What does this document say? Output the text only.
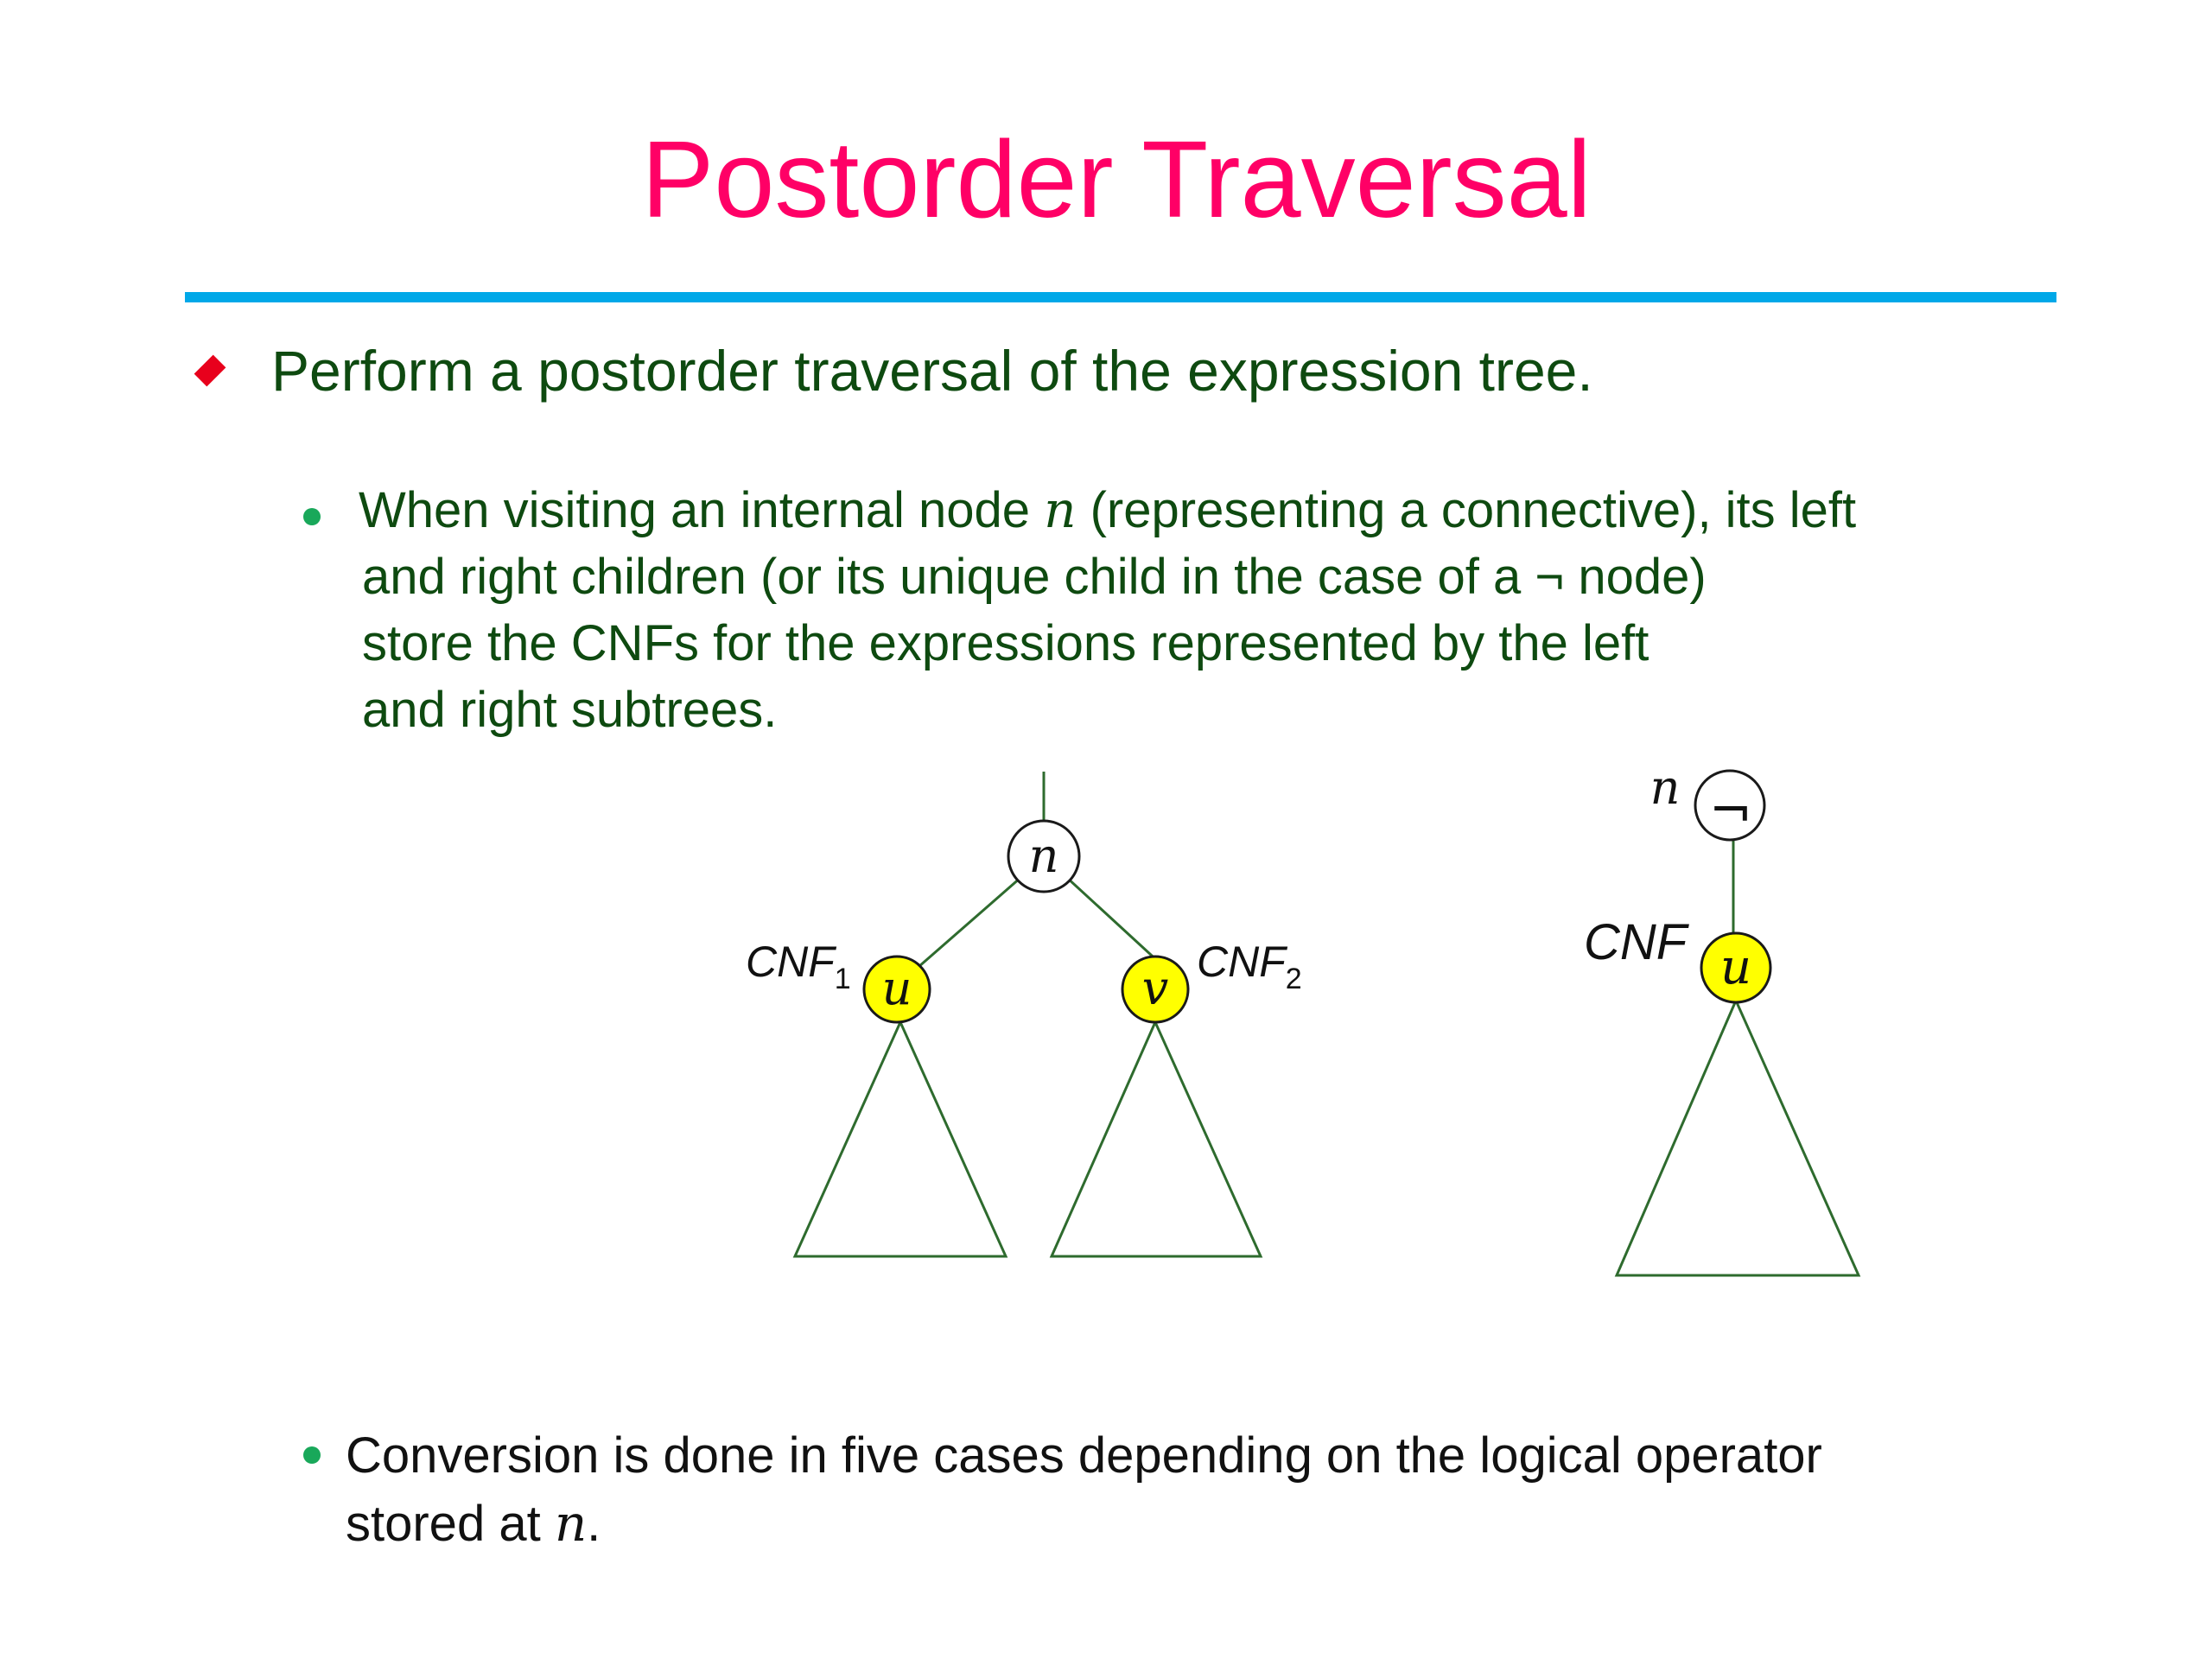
Postorder Traversal
Perform a postorder traversal of the expression tree.
When visiting an internal node n (representing a connective), its left
and right children (or its unique child in the case of a ¬ node)
store the CNFs for the expressions represented by the left
and right subtrees.
n
u	v
$CNF_1$	$CNF_2$
¬
n
u
CNF
Conversion is done in five cases depending on the logical operator
stored at n.
